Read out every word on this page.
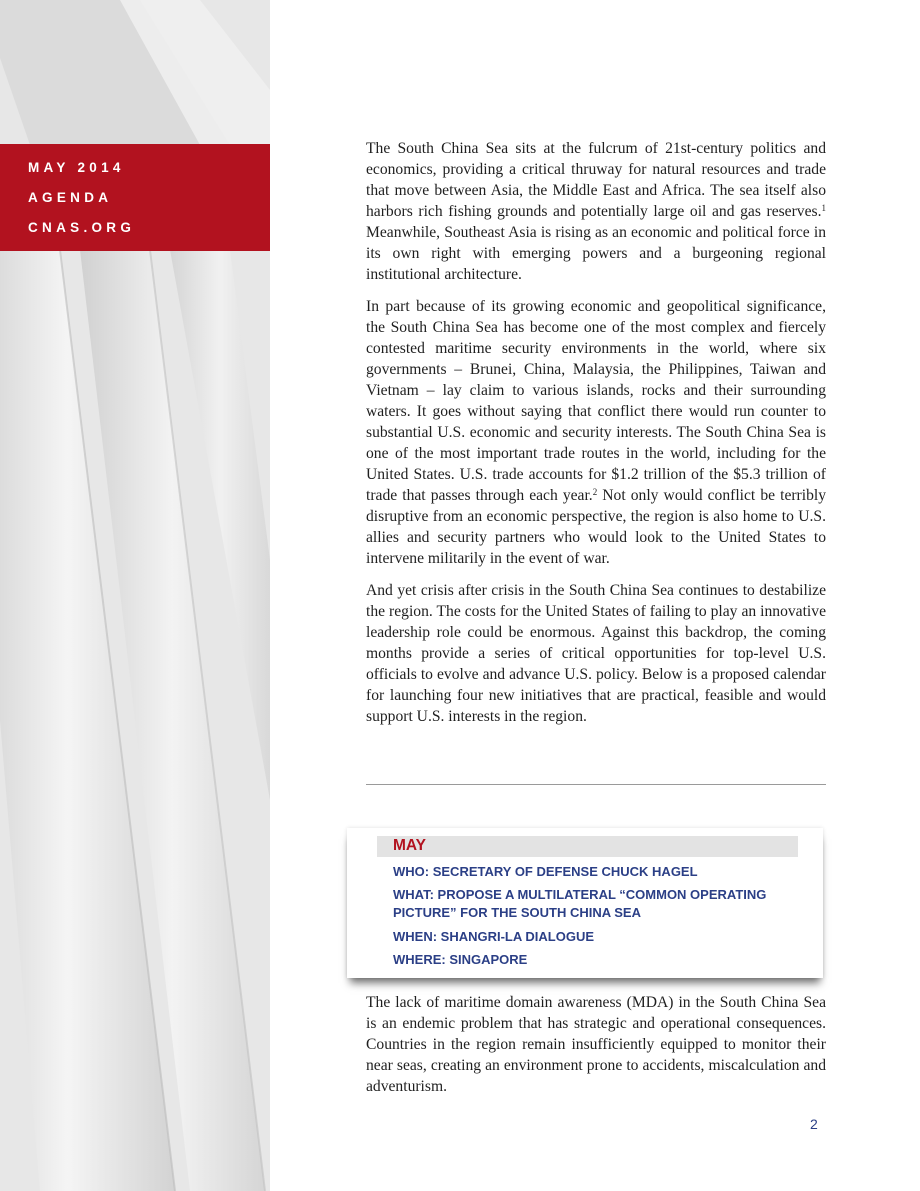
MAY 2014
AGENDA
CNAS.ORG

The South China Sea sits at the fulcrum of 21st-century politics and economics, providing a critical thruway for natural resources and trade that move between Asia, the Middle East and Africa. The sea itself also harbors rich fishing grounds and potentially large oil and gas reserves.$^1$ Meanwhile, Southeast Asia is rising as an economic and political force in its own right with emerging powers and a burgeoning regional institutional architecture.

In part because of its growing economic and geopolitical significance, the South China Sea has become one of the most complex and fiercely contested maritime security environments in the world, where six governments – Brunei, China, Malaysia, the Philippines, Taiwan and Vietnam – lay claim to various islands, rocks and their surrounding waters. It goes without saying that conflict there would run counter to substantial U.S. economic and security interests. The South China Sea is one of the most important trade routes in the world, including for the United States. U.S. trade accounts for $1.2 trillion of the $5.3 trillion of trade that passes through each year.$^2$ Not only would conflict be terribly disruptive from an economic perspective, the region is also home to U.S. allies and security partners who would look to the United States to intervene militarily in the event of war.

And yet crisis after crisis in the South China Sea continues to destabilize the region. The costs for the United States of failing to play an innovative leadership role could be enormous. Against this backdrop, the coming months provide a series of critical opportunities for top-level U.S. officials to evolve and advance U.S. policy. Below is a proposed calendar for launching four new initiatives that are practical, feasible and would support U.S. interests in the region.

MAY
WHO: SECRETARY OF DEFENSE CHUCK HAGEL
WHAT: PROPOSE A MULTILATERAL “COMMON OPERATING PICTURE” FOR THE SOUTH CHINA SEA
WHEN: SHANGRI-LA DIALOGUE
WHERE: SINGAPORE

The lack of maritime domain awareness (MDA) in the South China Sea is an endemic problem that has strategic and operational consequences. Countries in the region remain insufficiently equipped to monitor their near seas, creating an environment prone to accidents, miscalculation and adventurism.

2
